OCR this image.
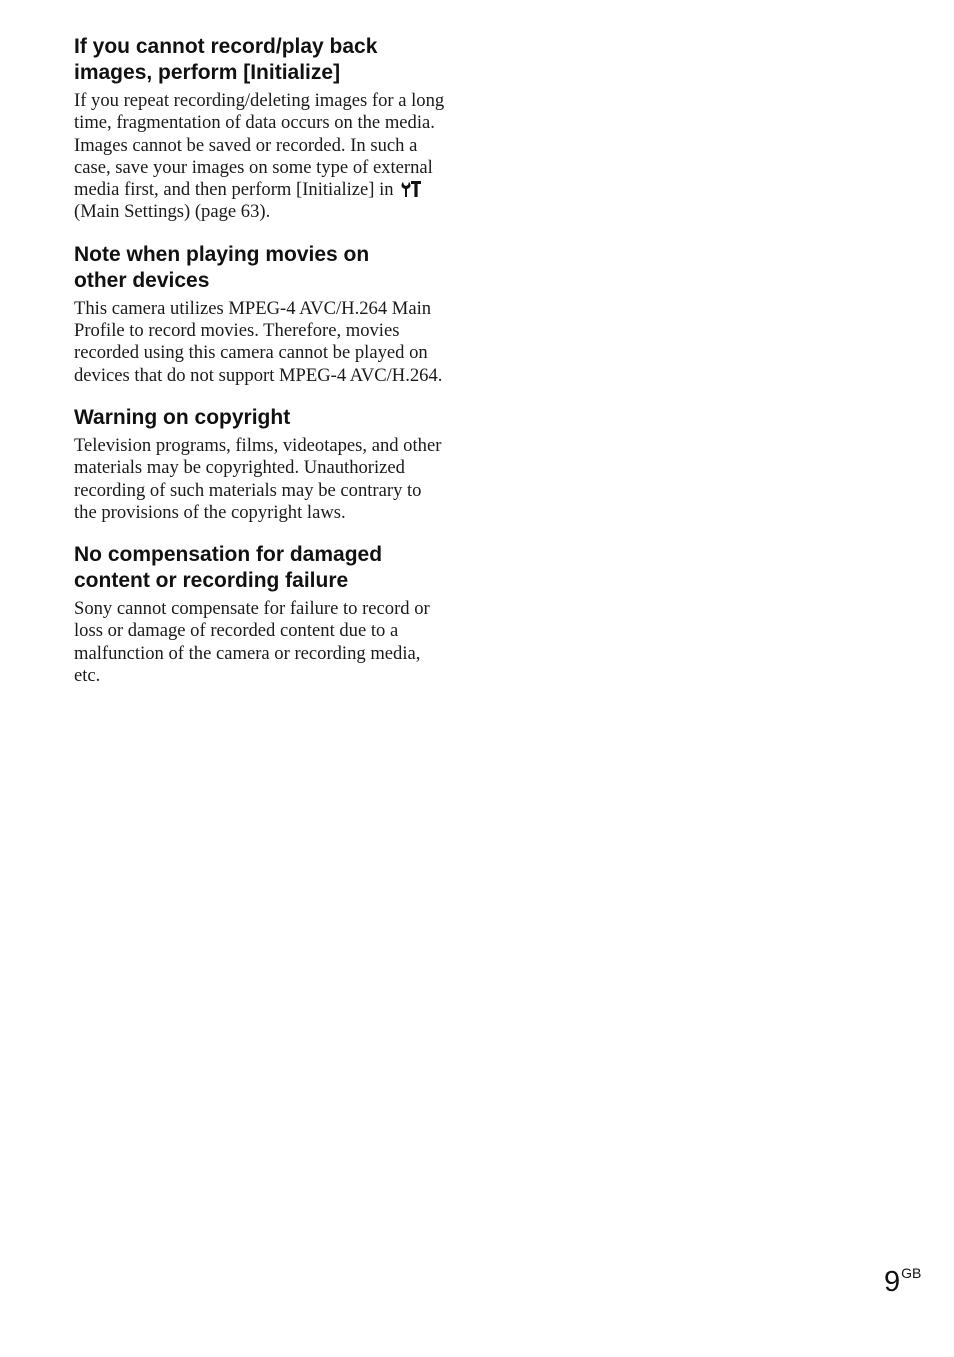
If you cannot record/play back
images, perform [Initialize]

If you repeat recording/deleting images for a long time, fragmentation of data occurs on the media. Images cannot be saved or recorded. In such a case, save your images on some type of external media first, and then perform [Initialize] in  (Main Settings) (page 63).

Note when playing movies on
other devices

This camera utilizes MPEG-4 AVC/H.264 Main Profile to record movies. Therefore, movies recorded using this camera cannot be played on devices that do not support MPEG-4 AVC/H.264.

Warning on copyright

Television programs, films, videotapes, and other materials may be copyrighted. Unauthorized recording of such materials may be contrary to the provisions of the copyright laws.

No compensation for damaged
content or recording failure

Sony cannot compensate for failure to record or loss or damage of recorded content due to a malfunction of the camera or recording media, etc.

9GB
